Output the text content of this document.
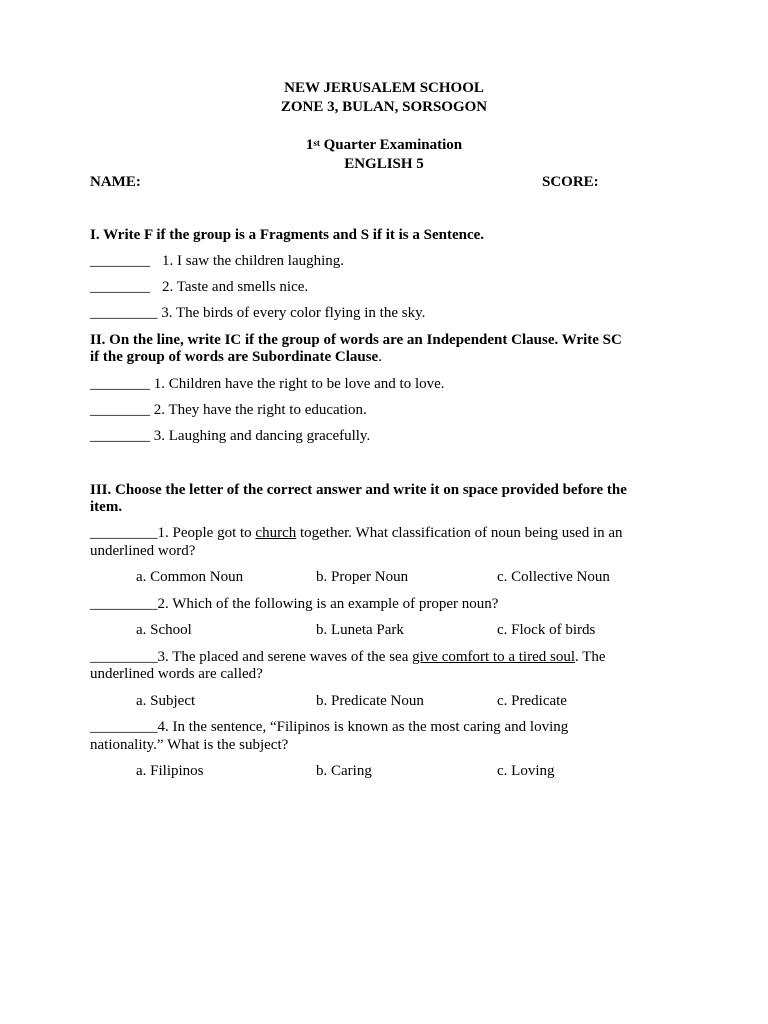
NEW JERUSALEM SCHOOL
ZONE 3, BULAN, SORSOGON
1st Quarter Examination
ENGLISH 5
NAME:	SCORE:
I. Write F if the group is a Fragments and S if it is a Sentence.
________ 1. I saw the children laughing.
________ 2. Taste and smells nice.
_________ 3. The birds of every color flying in the sky.
II. On the line, write IC if the group of words are an Independent Clause. Write SC
if the group of words are Subordinate Clause.
________ 1. Children have the right to be love and to love.
________ 2. They have the right to education.
________ 3. Laughing and dancing gracefully.
III. Choose the letter of the correct answer and write it on space provided before the
item.
_________1. People got to church together. What classification of noun being used in an
underlined word?
a. Common Noun	b. Proper Noun	c. Collective Noun
_________2. Which of the following is an example of proper noun?
a. School	b. Luneta Park	c. Flock of birds
_________3. The placed and serene waves of the sea give comfort to a tired soul. The
underlined words are called?
a. Subject	b. Predicate Noun	c. Predicate
_________4. In the sentence, “Filipinos is known as the most caring and loving
nationality.” What is the subject?
a. Filipinos	b. Caring	c. Loving
